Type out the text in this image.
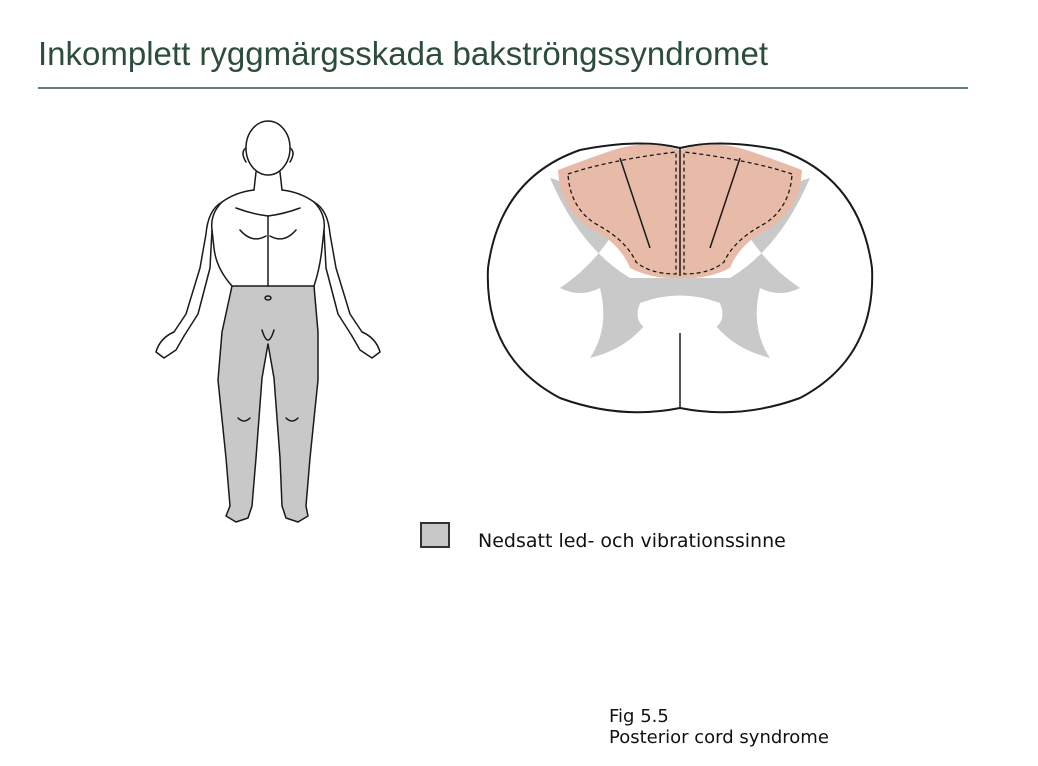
Inkomplett ryggmärgsskada bakströngssyndromet
Nedsatt led- och vibrationssinne
Fig 5.5
Posterior cord syndrome
